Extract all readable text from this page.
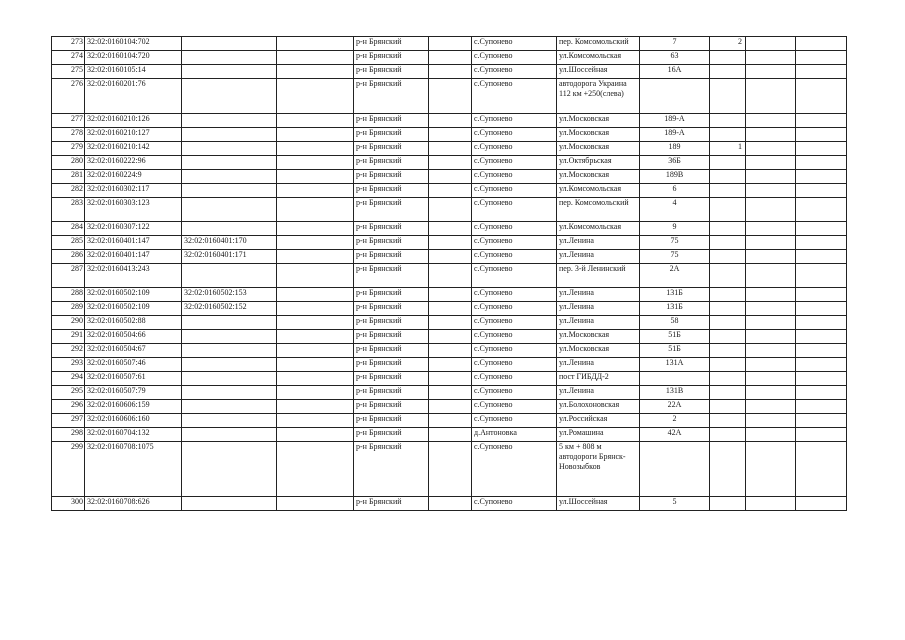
273	32:02:0160104:702			р-н Брянский		с.Супонево	пер. Комсомольский	7	2		
274	32:02:0160104:720			р-н Брянский		с.Супонево	ул.Комсомольская	63			
275	32:02:0160105:14			р-н Брянский		с.Супонево	ул.Шоссейная	16А			
276	32:02:0160201:76			р-н Брянский		с.Супонево	автодорога Украина 112 км +250(слева)				
277	32:02:0160210:126			р-н Брянский		с.Супонево	ул.Московская	189-А			
278	32:02:0160210:127			р-н Брянский		с.Супонево	ул.Московская	189-А			
279	32:02:0160210:142			р-н Брянский		с.Супонево	ул.Московская	189	1		
280	32:02:0160222:96			р-н Брянский		с.Супонево	ул.Октябрьская	36Б			
281	32:02:0160224:9			р-н Брянский		с.Супонево	ул.Московская	189В			
282	32:02:0160302:117			р-н Брянский		с.Супонево	ул.Комсомольская	6			
283	32:02:0160303:123			р-н Брянский		с.Супонево	пер. Комсомольский	4			
284	32:02:0160307:122			р-н Брянский		с.Супонево	ул.Комсомольская	9			
285	32:02:0160401:147	32:02:0160401:170		р-н Брянский		с.Супонево	ул.Ленина	75			
286	32:02:0160401:147	32:02:0160401:171		р-н Брянский		с.Супонево	ул.Ленина	75			
287	32:02:0160413:243			р-н Брянский		с.Супонево	пер. 3-й Ленинский	2А			
288	32:02:0160502:109	32:02:0160502:153		р-н Брянский		с.Супонево	ул.Ленина	131Б			
289	32:02:0160502:109	32:02:0160502:152		р-н Брянский		с.Супонево	ул.Ленина	131Б			
290	32:02:0160502:88			р-н Брянский		с.Супонево	ул.Ленина	58			
291	32:02:0160504:66			р-н Брянский		с.Супонево	ул.Московская	51Б			
292	32:02:0160504:67			р-н Брянский		с.Супонево	ул.Московская	51Б			
293	32:02:0160507:46			р-н Брянский		с.Супонево	ул.Ленина	131А			
294	32:02:0160507:61			р-н Брянский		с.Супонево	пост ГИБДД-2				
295	32:02:0160507:79			р-н Брянский		с.Супонево	ул.Ленина	131В			
296	32:02:0160606:159			р-н Брянский		с.Супонево	ул.Болохоновская	22А			
297	32:02:0160606:160			р-н Брянский		с.Супонево	ул.Российская	2			
298	32:02:0160704:132			р-н Брянский		д.Антоновка	ул.Ромашина	42А			
299	32:02:0160708:1075			р-н Брянский		с.Супонево	5 км + 808 м автодороги Брянск-Новозыбков				
300	32:02:0160708:626			р-н Брянский		с.Супонево	ул.Шоссейная	5			
